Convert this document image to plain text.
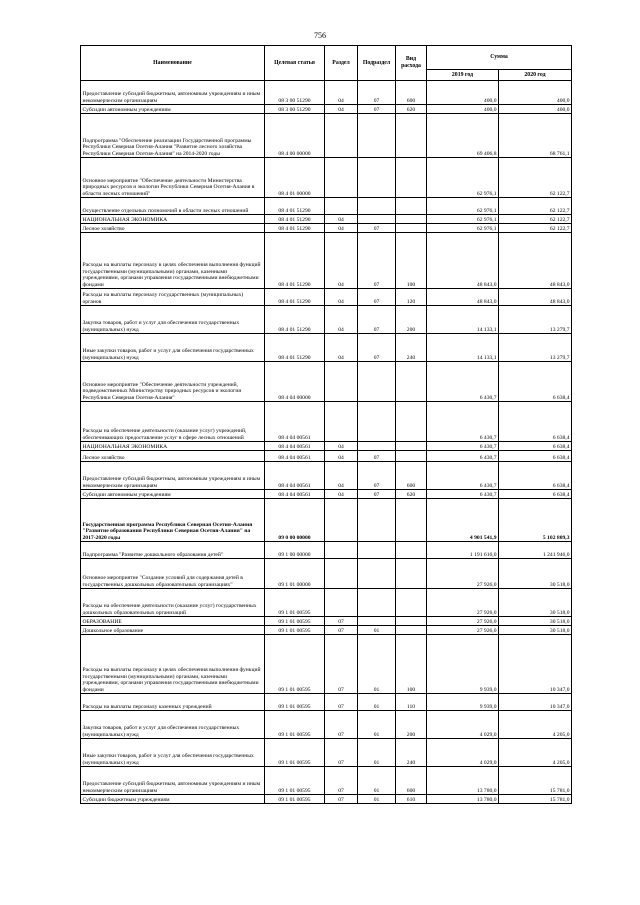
756
Наименование	Целевая статья	Раздел	Подраздел	Вид расхода	Сумма	
					2019 год	2020 год
Предоставление субсидий бюджетным, автономным учреждениям и иным некоммерческим организациям	08 3 00 51290	04	07	600	400,0	400,0
Субсидии автономным учреждениям	08 3 00 51290	04	07	620	400,0	400,0
Подпрограмма "Обеспечение реализации Государственной программы Республики Северная Осетия-Алания "Развитие лесного хозяйства Республики Северная Осетия-Алания" на 2014-2020 годы	08 4 00 00000				69 406,8	68 761,1
Основное мероприятие "Обеспечение деятельности Министерства природных ресурсов и экологии Республики Северная Осетия-Алания в области лесных отношений"	08 4 01 00000				62 976,1	62 122,7
Осуществление отдельных полномочий в области лесных отношений	08 4 01 51290				62 976,1	62 122,7
НАЦИОНАЛЬНАЯ ЭКОНОМИКА	08 4 01 51290	04			62 976,1	62 122,7
Лесное хозяйство	08 4 01 51290	04	07		62 976,1	62 122,7
Расходы на выплаты персоналу в целях обеспечения выполнения функций государственными (муниципальными) органами, казенными учреждениями, органами управления государственными внебюджетными фондами	08 4 01 51290	04	07	100	48 843,0	48 843,0
Расходы на выплаты персоналу государственных (муниципальных) органов	08 4 01 51290	04	07	120	48 843,0	48 843,0
Закупка товаров, работ и услуг для обеспечения государственных (муниципальных) нужд	08 4 01 51290	04	07	200	14 133,1	13 279,7
Иные закупки товаров, работ и услуг для обеспечения государственных (муниципальных) нужд	08 4 01 51290	04	07	240	14 133,1	13 279,7
Основное мероприятие "Обеспечение деятельности учреждений, подведомственных Министерству природных ресурсов и экологии Республики Северная Осетия-Алания"	08 4 04 00000				6 430,7	6 638,4
Расходы на обеспечение деятельности (оказание услуг) учреждений, обеспечивающих предоставление услуг в сфере лесных отношений	08 4 04 00561				6 430,7	6 638,4
НАЦИОНАЛЬНАЯ ЭКОНОМИКА	08 4 04 00561	04			6 430,7	6 638,4
Лесное хозяйство	08 4 04 00561	04	07		6 430,7	6 638,4
Предоставление субсидий бюджетным, автономным учреждениям и иным некоммерческим организациям	08 4 04 00561	04	07	600	6 430,7	6 638,4
Субсидии автономным учреждениям	08 4 04 00561	04	07	620	6 430,7	6 638,4
Государственная программа Республики Северная Осетия-Алания "Развитие образования Республики Северная Осетия-Алания" на 2017-2020 годы	09 0 00 00000				4 901 541,9	5 102 809,3
Подпрограмма "Развитие дошкольного образования детей"	09 1 00 00000				1 191 616,0	1 241 946,0
Основное мероприятие "Создание условий для содержания детей в государственных дошкольных образовательных организациях"	09 1 01 00000				27 926,0	30 518,0
Расходы на обеспечение деятельности (оказание услуг) государственных дошкольных образовательных организаций	09 1 01 00595				27 926,0	30 518,0
ОБРАЗОВАНИЕ	09 1 01 00595	07			27 926,0	30 518,0
Дошкольное образование	09 1 01 00595	07	01		27 926,0	30 518,0
Расходы на выплаты персоналу в целях обеспечения выполнения функций государственными (муниципальными) органами, казенными учреждениями, органами управления государственными внебюджетными фондами	09 1 01 00595	07	01	100	9 939,0	10 347,0
Расходы на выплаты персоналу казенных учреждений	09 1 01 00595	07	01	110	9 939,0	10 347,0
Закупка товаров, работ и услуг для обеспечения государственных (муниципальных) нужд	09 1 01 00595	07	01	200	4 029,0	4 205,0
Иные закупки товаров, работ и услуг для обеспечения государственных (муниципальных) нужд	09 1 01 00595	07	01	240	4 029,0	4 205,0
Предоставление субсидий бюджетным, автономным учреждениям и иным некоммерческим организациям	09 1 01 00595	07	01	600	13 780,0	15 781,0
Субсидии бюджетным учреждениям	09 1 01 00595	07	01	610	13 780,0	15 781,0
